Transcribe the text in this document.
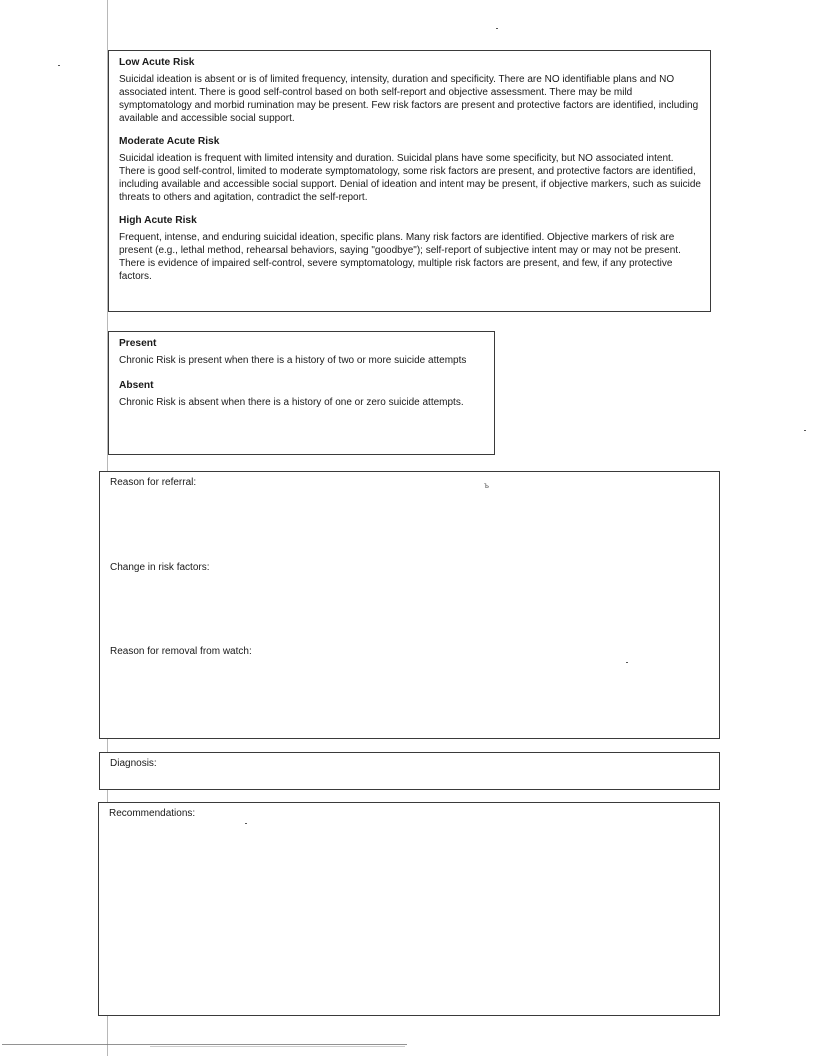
Low Acute Risk
Suicidal ideation is absent or is of limited frequency, intensity, duration and specificity. There are NO identifiable plans and NO associated intent. There is good self-control based on both self-report and objective assessment. There may be mild symptomatology and morbid rumination may be present. Few risk factors are present and protective factors are identified, including available and accessible social support.
Moderate Acute Risk
Suicidal ideation is frequent with limited intensity and duration. Suicidal plans have some specificity, but NO associated intent. There is good self-control, limited to moderate symptomatology, some risk factors are present, and protective factors are identified, including available and accessible social support. Denial of ideation and intent may be present, if objective markers, such as suicide threats to others and agitation, contradict the self-report.
High Acute Risk
Frequent, intense, and enduring suicidal ideation, specific plans. Many risk factors are identified. Objective markers of risk are present (e.g., lethal method, rehearsal behaviors, saying "goodbye"); self-report of subjective intent may or may not be present. There is evidence of impaired self-control, severe symptomatology, multiple risk factors are present, and few, if any protective factors.
Present
Chronic Risk is present when there is a history of two or more suicide attempts
Absent
Chronic Risk is absent when there is a history of one or zero suicide attempts.
Reason for referral:	ъ
Change in risk factors:
Reason for removal from watch:
Diagnosis:
Recommendations:
